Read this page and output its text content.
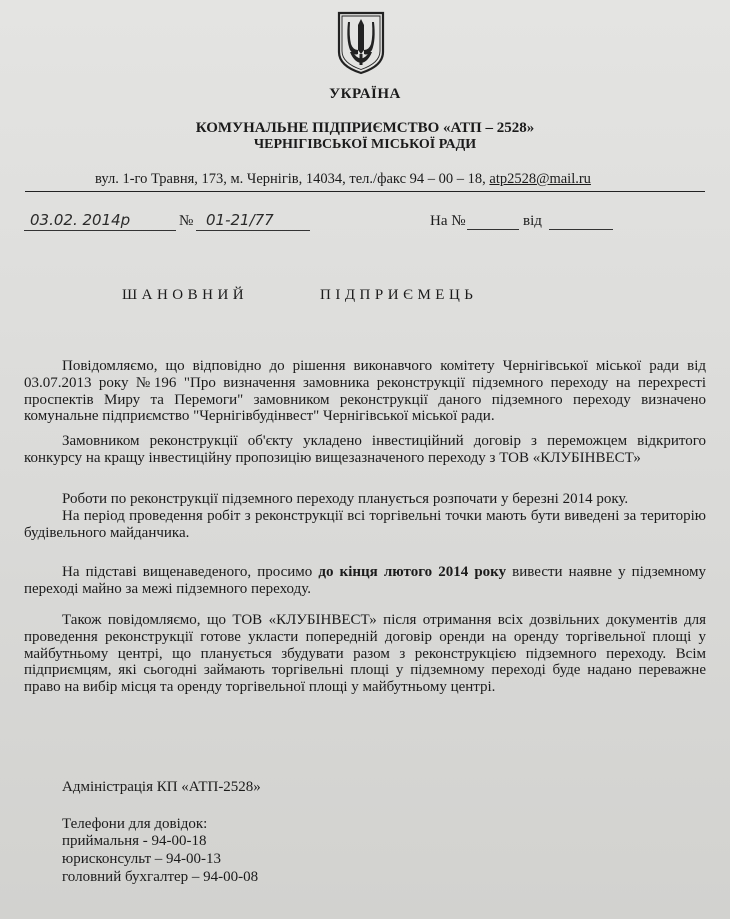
УКРАЇНА
КОМУНАЛЬНЕ ПІДПРИЄМСТВО «АТП – 2528»
ЧЕРНІГІВСЬКОЇ МІСЬКОЇ РАДИ
вул. 1-го Травня, 173, м. Чернігів, 14034, тел./факс 94 – 00 – 18, atp2528@mail.ru
03.02. 2014р	№ 01-21/77	На №	від
ШАНОВНИЙ	ПІДПРИЄМЕЦЬ

Повідомляємо, що відповідно до рішення виконавчого комітету Чернігівської міської ради від 03.07.2013 року №196 "Про визначення замовника реконструкції підземного переходу на перехресті проспектів Миру та Перемоги" замовником реконструкції даного підземного переходу визначено комунальне підприємство "Чернігівбудінвест" Чернігівської міської ради.

Замовником реконструкції об'єкту укладено інвестиційний договір з переможцем відкритого конкурсу на кращу інвестиційну пропозицію вищезазначеного переходу з ТОВ «КЛУБІНВЕСТ»

Роботи по реконструкції підземного переходу планується розпочати у березні 2014 року.

На період проведення робіт з реконструкції всі торгівельні точки мають бути виведені за територію будівельного майданчика.

На підставі вищенаведеного, просимо до кінця лютого 2014 року вивести наявне у підземному переході майно за межі підземного переходу.

Також повідомляємо, що ТОВ «КЛУБІНВЕСТ» після отримання всіх дозвільних документів для проведення реконструкції готове укласти попередній договір оренди на оренду торгівельної площі у майбутньому центрі, що планується збудувати разом з реконструкцією підземного переходу. Всім підприємцям, які сьогодні займають торгівельні площі у підземному переході буде надано переважне право на вибір місця та оренду торгівельної площі у майбутньому центрі.

Адміністрація КП «АТП-2528»
Телефони для довідок:
приймальня - 94-00-18
юрисконсульт – 94-00-13
головний бухгалтер – 94-00-08
